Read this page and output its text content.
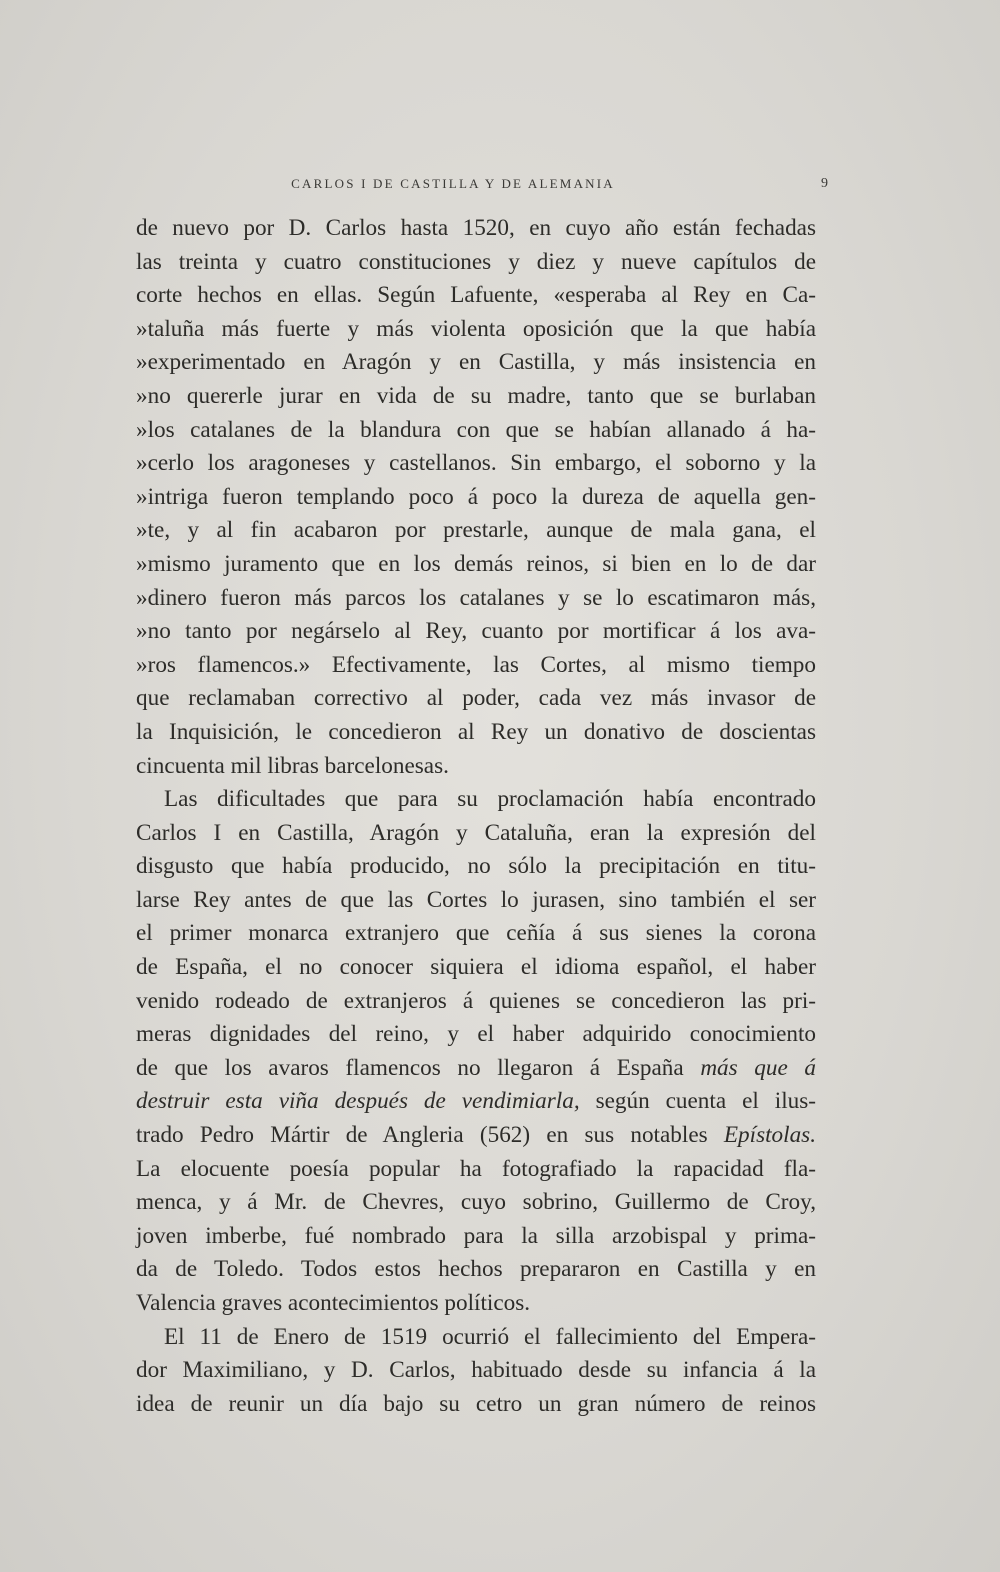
CARLOS I DE CASTILLA Y DE ALEMANIA	9
de nuevo por D. Carlos hasta 1520, en cuyo año están fechadas
las treinta y cuatro constituciones y diez y nueve capítulos de
corte hechos en ellas. Según Lafuente, «esperaba al Rey en Ca-
»taluña más fuerte y más violenta oposición que la que había
»experimentado en Aragón y en Castilla, y más insistencia en
»no quererle jurar en vida de su madre, tanto que se burlaban
»los catalanes de la blandura con que se habían allanado á ha-
»cerlo los aragoneses y castellanos. Sin embargo, el soborno y la
»intriga fueron templando poco á poco la dureza de aquella gen-
»te, y al fin acabaron por prestarle, aunque de mala gana, el
»mismo juramento que en los demás reinos, si bien en lo de dar
»dinero fueron más parcos los catalanes y se lo escatimaron más,
»no tanto por negárselo al Rey, cuanto por mortificar á los ava-
»ros flamencos.» Efectivamente, las Cortes, al mismo tiempo
que reclamaban correctivo al poder, cada vez más invasor de
la Inquisición, le concedieron al Rey un donativo de doscientas
cincuenta mil libras barcelonesas.
Las dificultades que para su proclamación había encontrado
Carlos I en Castilla, Aragón y Cataluña, eran la expresión del
disgusto que había producido, no sólo la precipitación en titu-
larse Rey antes de que las Cortes lo jurasen, sino también el ser
el primer monarca extranjero que ceñía á sus sienes la corona
de España, el no conocer siquiera el idioma español, el haber
venido rodeado de extranjeros á quienes se concedieron las pri-
meras dignidades del reino, y el haber adquirido conocimiento
de que los avaros flamencos no llegaron á España más que á
destruir esta viña después de vendimiarla, según cuenta el ilus-
trado Pedro Mártir de Angleria (562) en sus notables Epístolas.
La elocuente poesía popular ha fotografiado la rapacidad fla-
menca, y á Mr. de Chevres, cuyo sobrino, Guillermo de Croy,
joven imberbe, fué nombrado para la silla arzobispal y prima-
da de Toledo. Todos estos hechos prepararon en Castilla y en
Valencia graves acontecimientos políticos.
El 11 de Enero de 1519 ocurrió el fallecimiento del Empera-
dor Maximiliano, y D. Carlos, habituado desde su infancia á la
idea de reunir un día bajo su cetro un gran número de reinos
